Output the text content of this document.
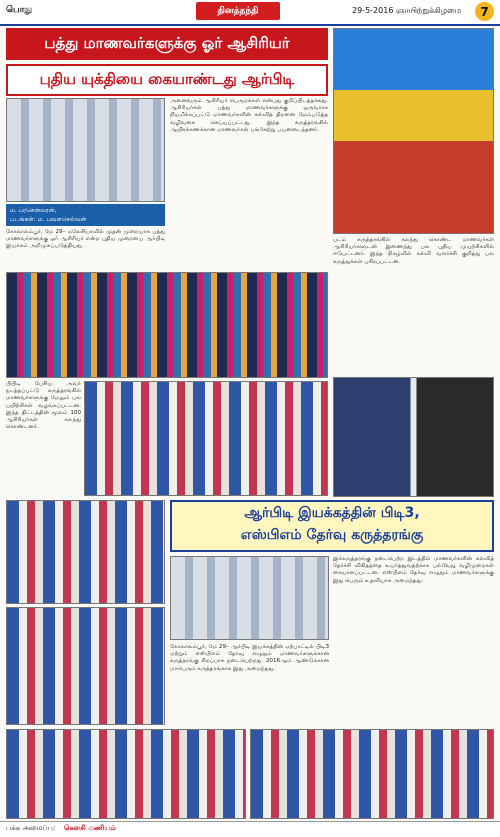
பொது	தினத்தந்தி	29-5-2016 ஞாயிற்றுக்கிழமை	7
பத்து மாணவர்களுக்கு ஓர் ஆசிரியர்
புதிய யுக்தியை கையாண்டது ஆர்பிடி
ம. ப்ரசென்வரன்,
படங்கள்: ம. பவளசெல்வன்
கோலாலம்பூர், மே 29– மலேசியாவில் முதன் முறையாக பத்து மாணவர்களுக்கு ஓர் ஆசிரியர் என்ற புதிய முறையை ஆர்பிடி இயக்கம் அறிமுகப்படுத்தியது.
அனைவரும் ஆசிரியர் பெருமக்கள் என்பது குறிப்பிடத்தக்கது. ஆசிரியர்கள் பத்து மாணவர்களுக்கு ஒருவராக நியமிக்கப்பட்டு மாணவர்களின் கல்வித் திறனை மேம்படுத்த வழிவகை செய்யப்பட்டது. இந்த கருத்தரங்கில் ஆயிரக்கணக்கான மாணவர்கள் பங்கேற்று பயனடைந்தனர்.
படம் கருத்தரங்கில் கலந்து கொண்ட மாணவர்கள் ஆசிரியர்களுடன் இணைந்து பல புதிய முயற்சிகளில் ஈடுபட்டனர். இந்த நிகழ்வில் கல்வி வளர்ச்சி குறித்து பல கருத்துக்கள் பகிரப்பட்டன.
பிபிடி பேசிய அவர் நடத்தப்பட்டு கருத்தரங்கில் மாணவர்களுக்கு மேலும் பல பயிற்சிகள் வழங்கப்பட்டன. இந்த திட்டத்தின் மூலம் 100 ஆசிரியர்கள் கலந்து கொண்டனர்.
ஆர்பிடி இயக்கத்தின் பிடி3,
எஸ்பிஎம் தேர்வு கருத்தரங்கு
இக்கருத்தரங்கு நடைபெற்ற இடத்தில் மாணவர்களின் கல்வித் தேர்ச்சி விகிதத்தை உயர்த்துவதற்காக பல்வேறு வழிமுறைகள் கையாளப்பட்டன. எஸ்பிஎம் தேர்வு எழுதும் மாணவர்களுக்கு இது பெரும் உதவியாக அமைந்தது.
கோலாலம்பூர், மே 29– ஆர்பிடி இயக்கத்தின் ஏற்பாட்டில் பிடி3 மற்றும் எஸ்பிஎம் தேர்வு எழுதும் மாணவர்களுக்கான கருத்தரங்கு சிறப்பாக நடைபெற்றது. 2016ஆம் ஆண்டுக்கான மாபெரும் கருத்தரங்காக இது அமைந்தது.
பக்க அமைப்பு: கௌசி மணியம்
